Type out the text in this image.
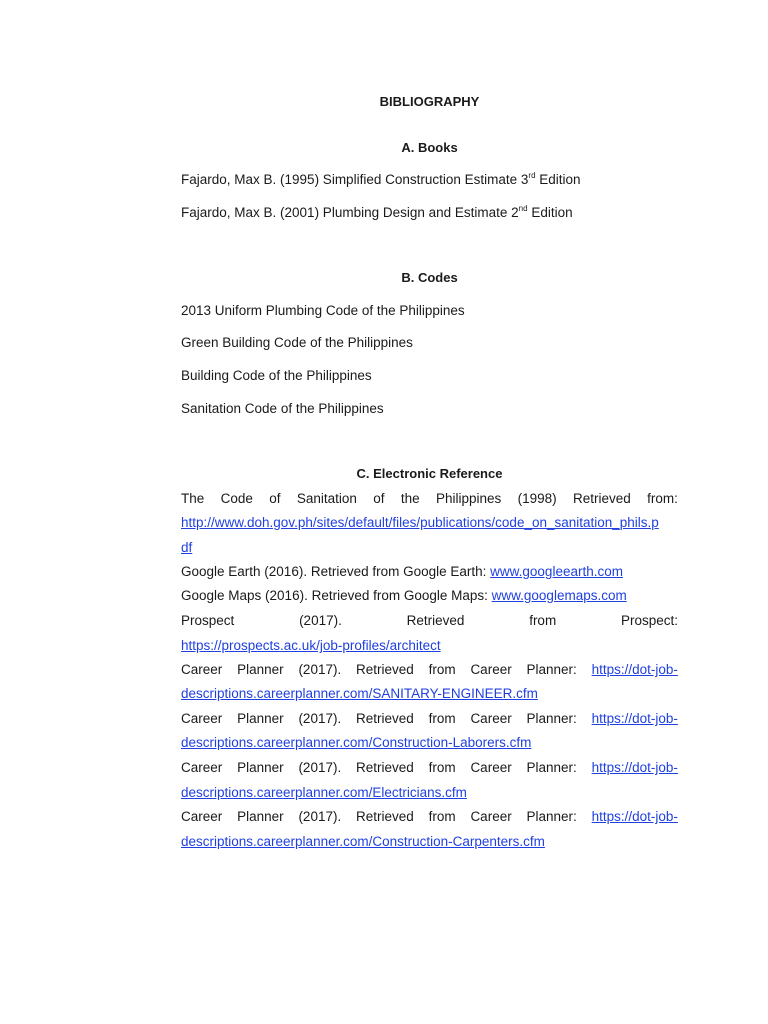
BIBLIOGRAPHY
A. Books
Fajardo, Max B. (1995) Simplified Construction Estimate 3rd Edition
Fajardo, Max B. (2001) Plumbing Design and Estimate 2nd Edition
B. Codes
2013 Uniform Plumbing Code of the Philippines
Green Building Code of the Philippines
Building Code of the Philippines
Sanitation Code of the Philippines
C. Electronic Reference
The Code of Sanitation of the Philippines (1998) Retrieved from:
http://www.doh.gov.ph/sites/default/files/publications/code_on_sanitation_phils.p
df
Google Earth (2016). Retrieved from Google Earth: www.googleearth.com
Google Maps (2016). Retrieved from Google Maps: www.googlemaps.com
Prospect	(2017).	Retrieved	from	Prospect:
https://prospects.ac.uk/job-profiles/architect
Career Planner (2017). Retrieved from Career Planner: https://dot-job-
descriptions.careerplanner.com/SANITARY-ENGINEER.cfm
Career Planner (2017). Retrieved from Career Planner: https://dot-job-
descriptions.careerplanner.com/Construction-Laborers.cfm
Career Planner (2017). Retrieved from Career Planner: https://dot-job-
descriptions.careerplanner.com/Electricians.cfm
Career Planner (2017). Retrieved from Career Planner: https://dot-job-
descriptions.careerplanner.com/Construction-Carpenters.cfm
